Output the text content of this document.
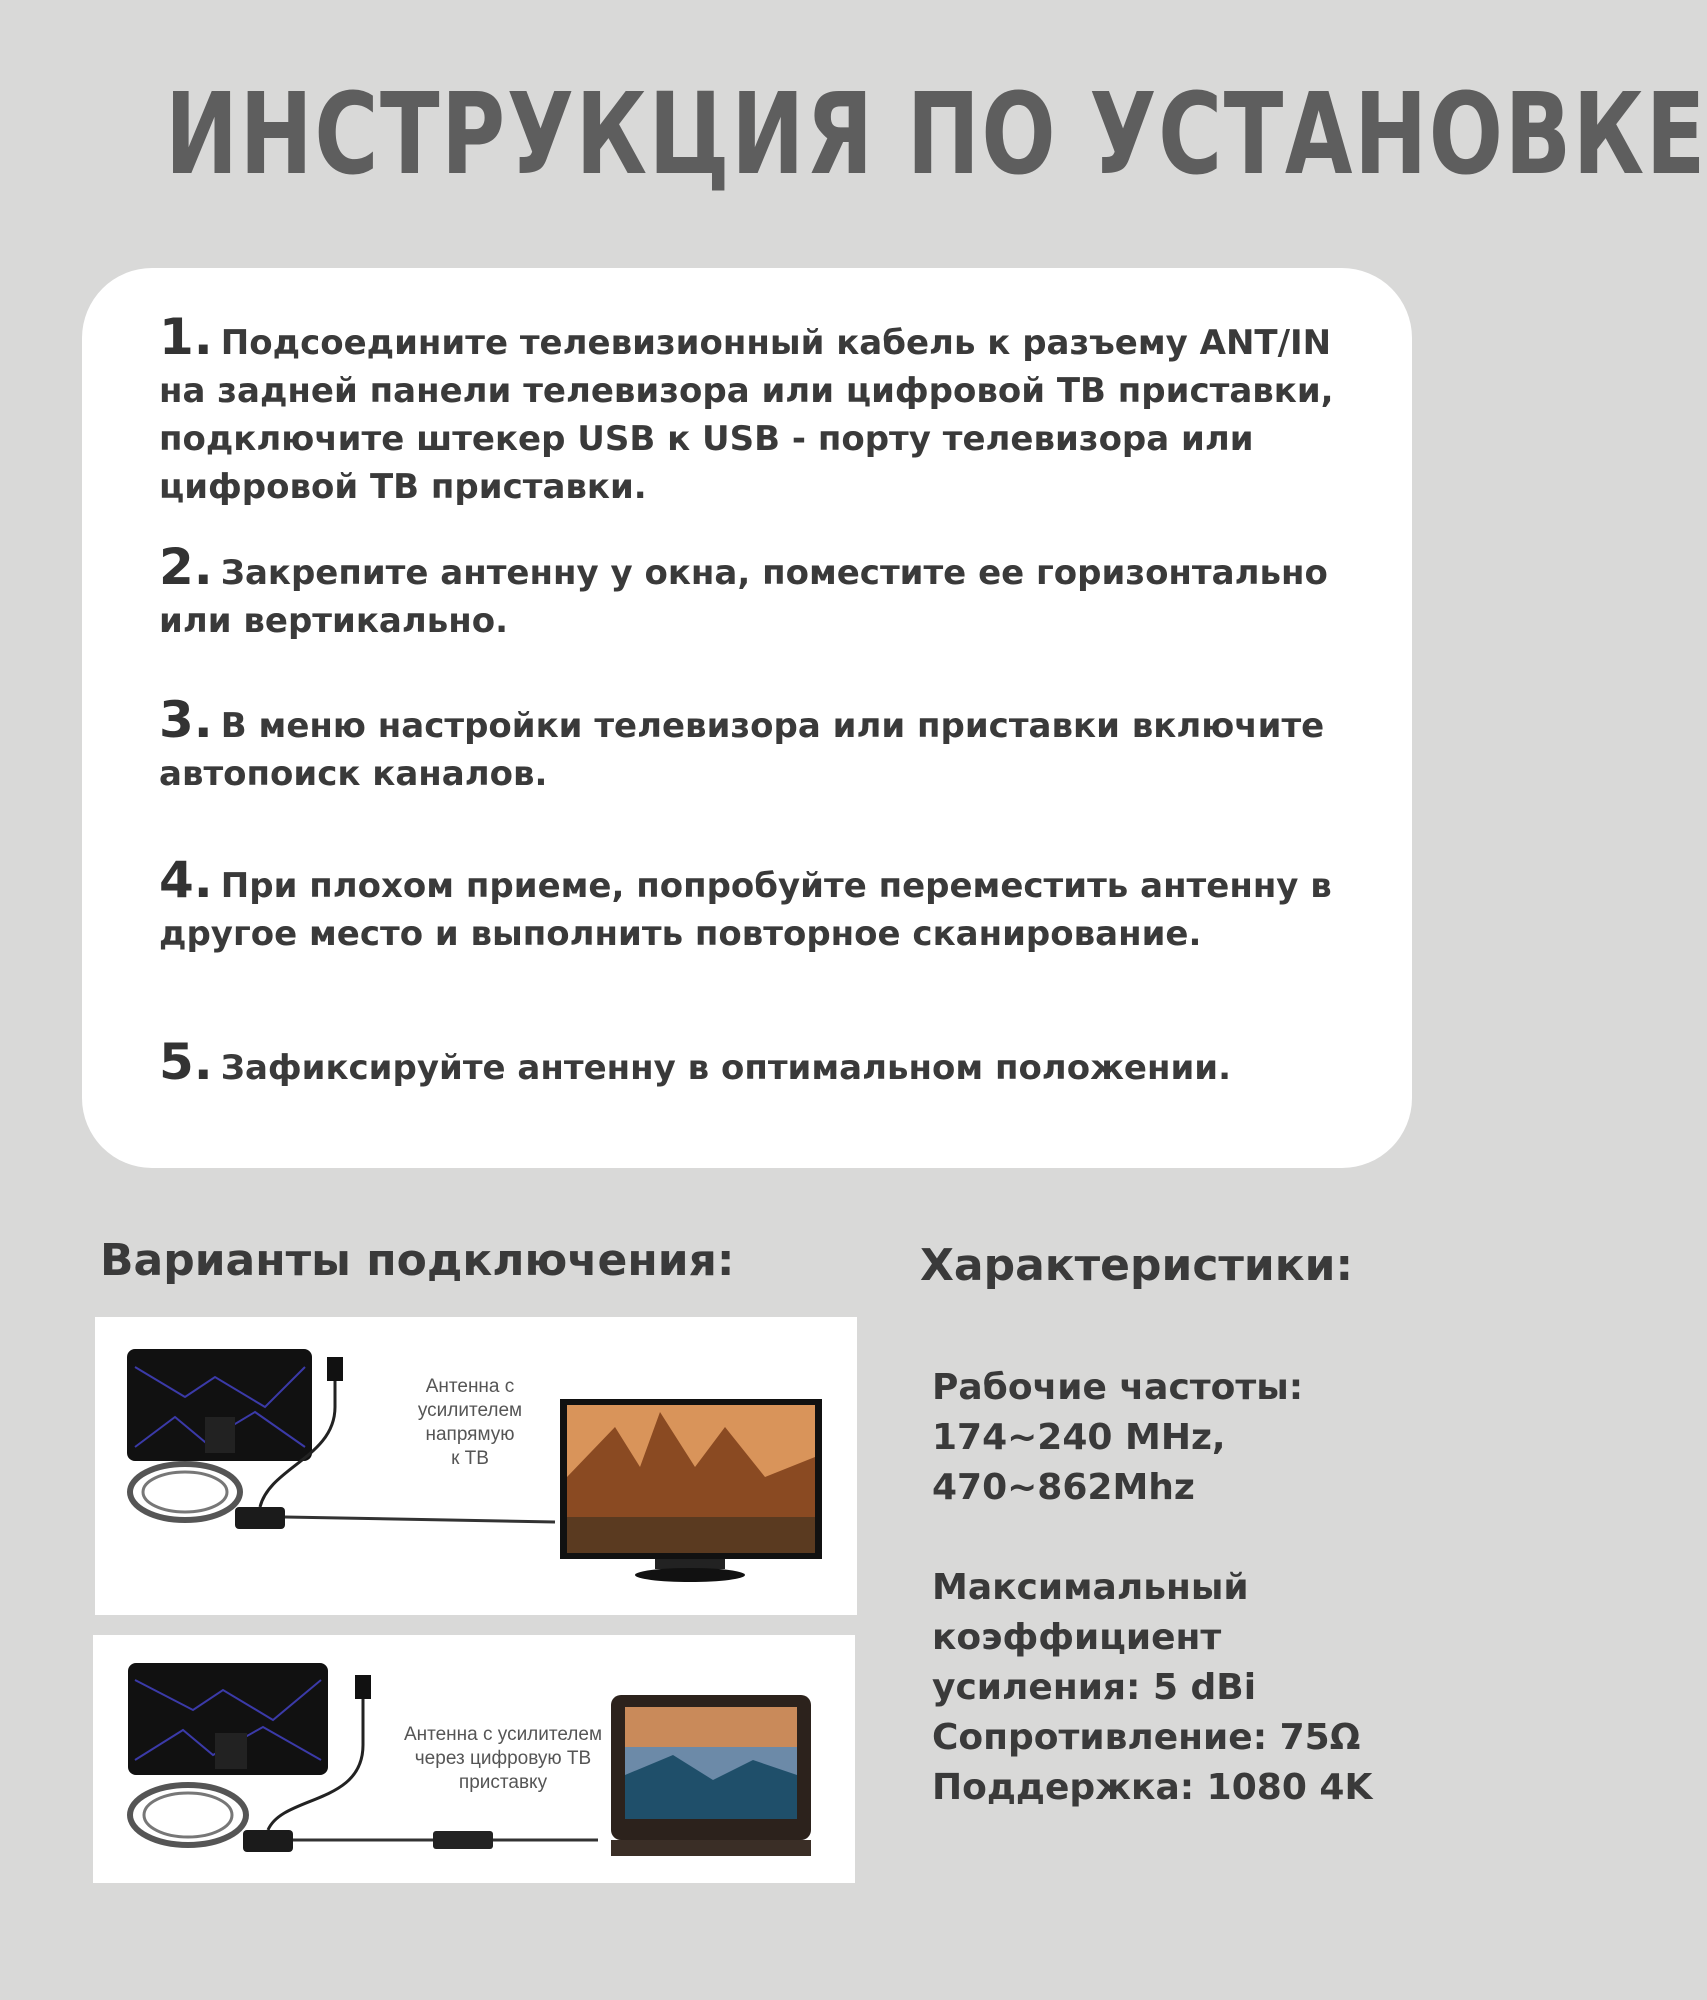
ИНСТРУКЦИЯ ПО УСТАНОВКЕ

1. Подсоедините телевизионный кабель к разъему ANT/IN на задней панели телевизора или цифровой ТВ приставки, подключите штекер USB к USB - порту телевизора или цифровой ТВ приставки.

2. Закрепите антенну у окна, поместите ее горизонтально или вертикально.

3. В меню настройки телевизора или приставки включите автопоиск каналов.

4. При плохом приеме, попробуйте переместить антенну в другое место и выполнить повторное сканирование.

5. Зафиксируйте антенну в оптимальном положении.

Варианты подключения:	Характеристики:
Антенна с
усилителем
напрямую
к ТВ
Антенна с усилителем
через цифровую ТВ
приставку

Рабочие частоты:

174~240 MHz,

470~862Mhz

Максимальный

коэффициент

усиления: 5 dBi

Сопротивление: 75Ω

Поддержка: 1080 4K
